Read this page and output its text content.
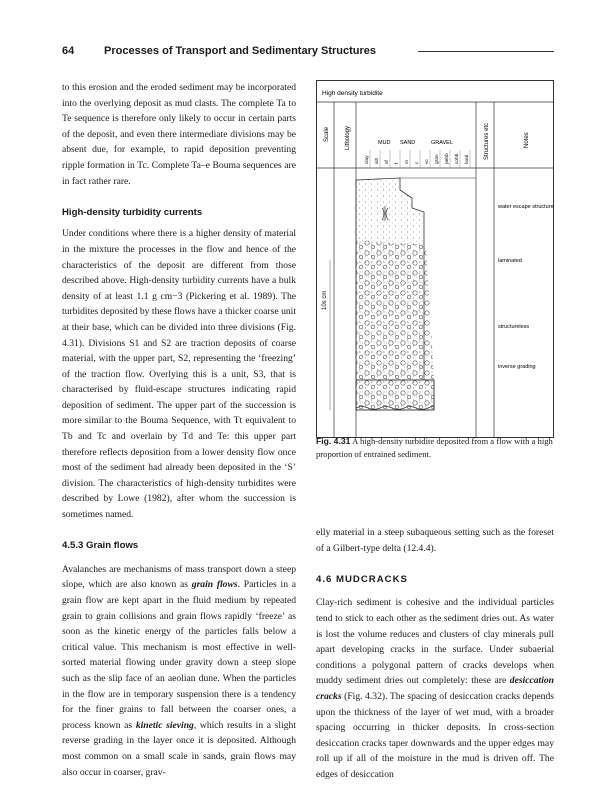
64	Processes of Transport and Sedimentary Structures

to this erosion and the eroded sediment may be incorporated into the overlying deposit as mud clasts. The complete Ta to Te sequence is therefore only likely to occur in certain parts of the deposit, and even there intermediate divisions may be absent due, for example, to rapid deposition preventing ripple formation in Tc. Complete Ta–e Bouma sequences are in fact rather rare.

High-density turbidity currents

Under conditions where there is a higher density of material in the mixture the processes in the flow and hence of the characteristics of the deposit are different from those described above. High-density turbidity currents have a bulk density of at least 1.1 g cm−3 (Pickering et al. 1989). The turbidites deposited by these flows have a thicker coarse unit at their base, which can be divided into three divisions (Fig. 4.31). Divisions S1 and S2 are traction deposits of coarse material, with the upper part, S2, representing the ‘freezing’ of the traction flow. Overlying this is a unit, S3, that is characterised by fluid-escape structures indicating rapid deposition of sediment. The upper part of the succession is more similar to the Bouma Sequence, with Tt equivalent to Tb and Tc and overlain by Td and Te: this upper part therefore reflects deposition from a lower density flow once most of the sediment had already been deposited in the ‘S’ division. The characteristics of high-density turbidites were described by Lowe (1982), after whom the succession is sometimes named.

4.5.3 Grain flows

Avalanches are mechanisms of mass transport down a steep slope, which are also known as grain flows. Particles in a grain flow are kept apart in the fluid medium by repeated grain to grain collisions and grain flows rapidly ‘freeze’ as soon as the kinetic energy of the particles falls below a critical value. This mechanism is most effective in well-sorted material flowing under gravity down a steep slope such as the slip face of an aeolian dune. When the particles in the flow are in temporary suspension there is a tendency for the finer grains to fall between the coarser ones, a process known as kinetic sieving, which results in a slight reverse grading in the layer once it is deposited. Although most common on a small scale in sands, grain flows may also occur in coarser, grav-

High density turbidite
Scale	Lithology	Structures etc	Notes
MUD SAND	GRAVEL
clay silt vf f m c vc gran pebb cobb boul
10s cm
water escape structures
laminated
structureless
inverse grading
Fig. 4.31 A high-density turbidite deposited from a flow with a high proportion of entrained sediment.

elly material in a steep subaqueous setting such as the foreset of a Gilbert-type delta (12.4.4).

4.6 MUDCRACKS

Clay-rich sediment is cohesive and the individual particles tend to stick to each other as the sediment dries out. As water is lost the volume reduces and clusters of clay minerals pull apart developing cracks in the surface. Under subaerial conditions a polygonal pattern of cracks develops when muddy sediment dries out completely: these are desiccation cracks (Fig. 4.32). The spacing of desiccation cracks depends upon the thickness of the layer of wet mud, with a broader spacing occurring in thicker deposits. In cross-section desiccation cracks taper downwards and the upper edges may roll up if all of the moisture in the mud is driven off. The edges of desiccation
